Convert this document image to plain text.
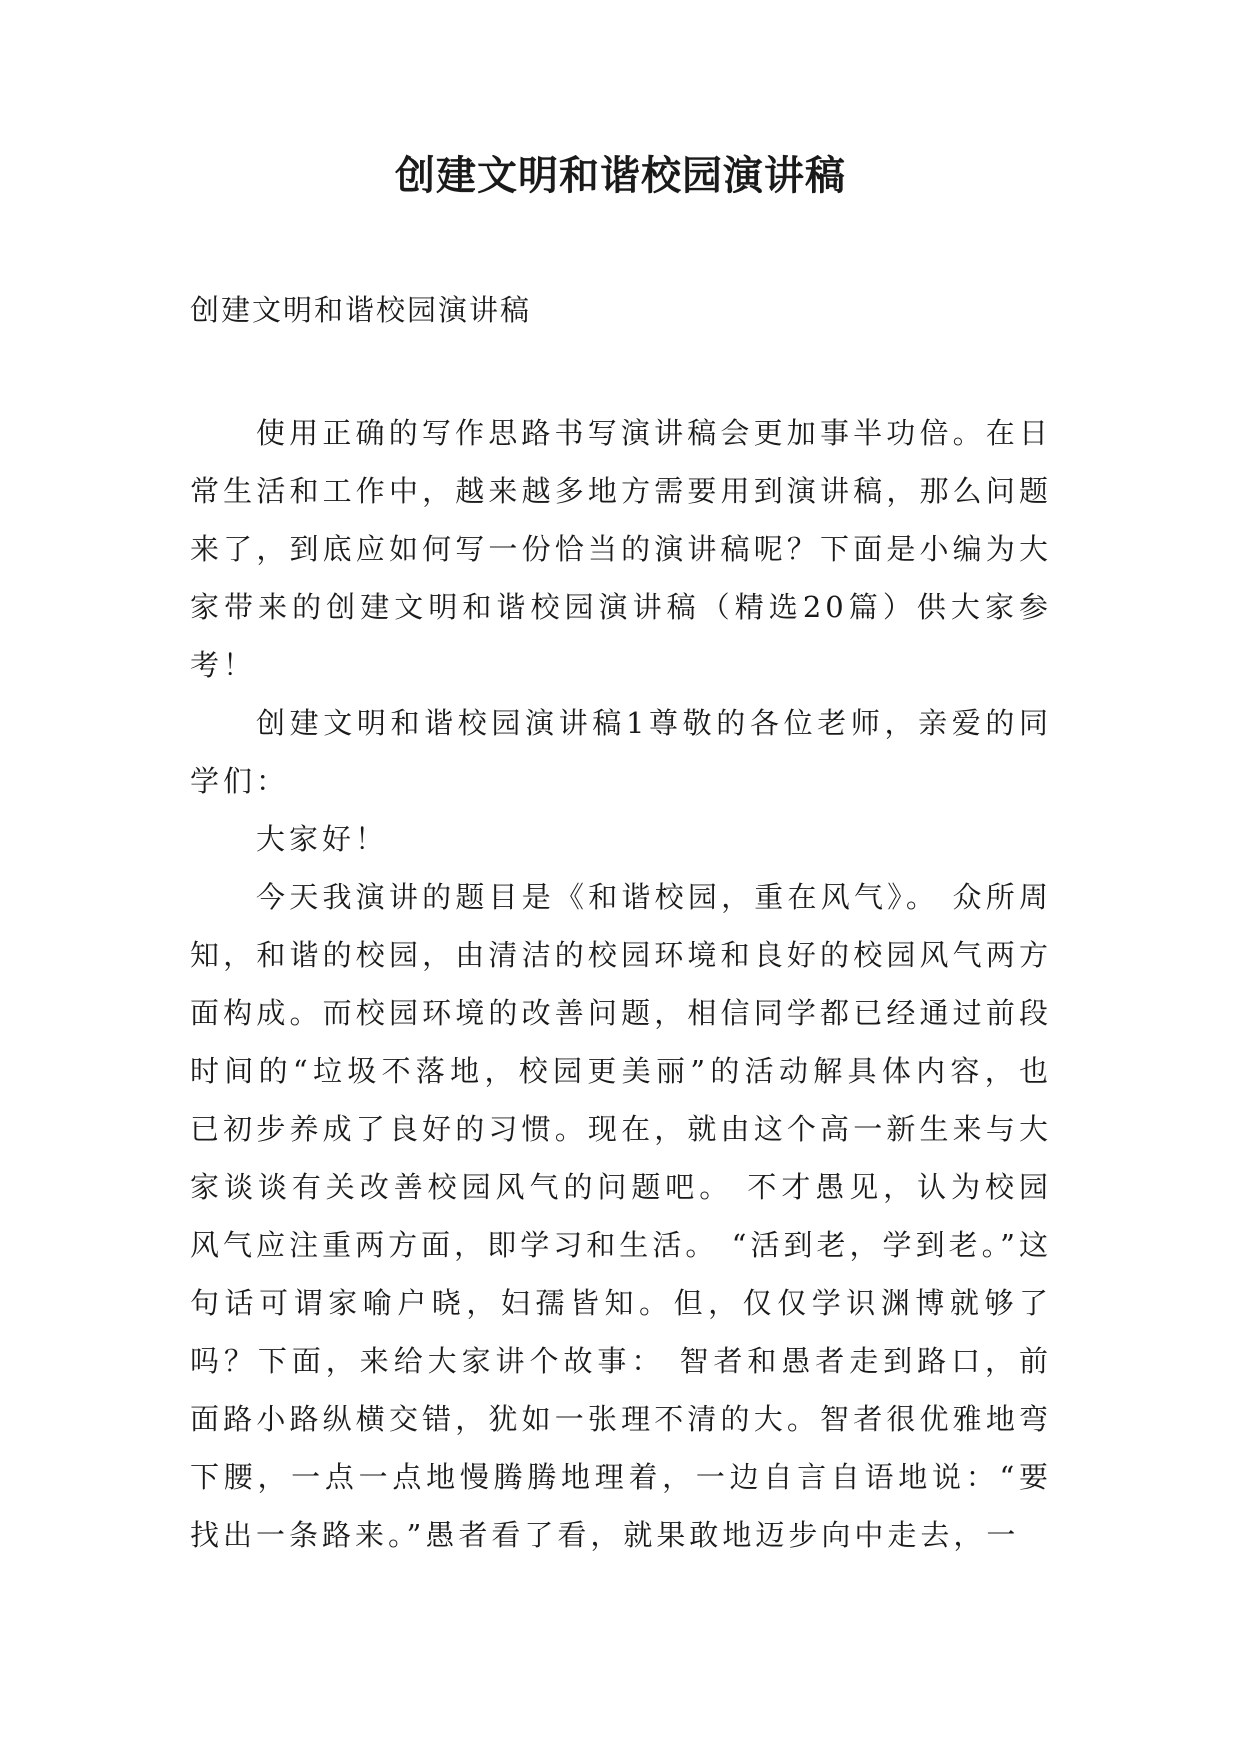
创建文明和谐校园演讲稿

创建文明和谐校园演讲稿

使用正确的写作思路书写演讲稿会更加事半功倍。在日常生活和工作中，越来越多地方需要用到演讲稿，那么问题来了，到底应如何写一份恰当的演讲稿呢？下面是小编为大家带来的创建文明和谐校园演讲稿（精选20篇）供大家参考！

创建文明和谐校园演讲稿1尊敬的各位老师，亲爱的同学们：

大家好！

今天我演讲的题目是《和谐校园，重在风气》。 众所周知，和谐的校园，由清洁的校园环境和良好的校园风气两方面构成。而校园环境的改善问题，相信同学都已经通过前段时间的“垃圾不落地，校园更美丽”的活动解具体内容，也已初步养成了良好的习惯。现在，就由这个高一新生来与大家谈谈有关改善校园风气的问题吧。 不才愚见，认为校园风气应注重两方面，即学习和生活。 “活到老，学到老。”这句话可谓家喻户晓，妇孺皆知。但，仅仅学识渊博就够了吗？下面，来给大家讲个故事： 智者和愚者走到路口，前面路小路纵横交错，犹如一张理不清的大。智者很优雅地弯下腰，一点一点地慢腾腾地理着，一边自言自语地说：“要找出一条路来。”愚者看了看，就果敢地迈步向中走去，一
